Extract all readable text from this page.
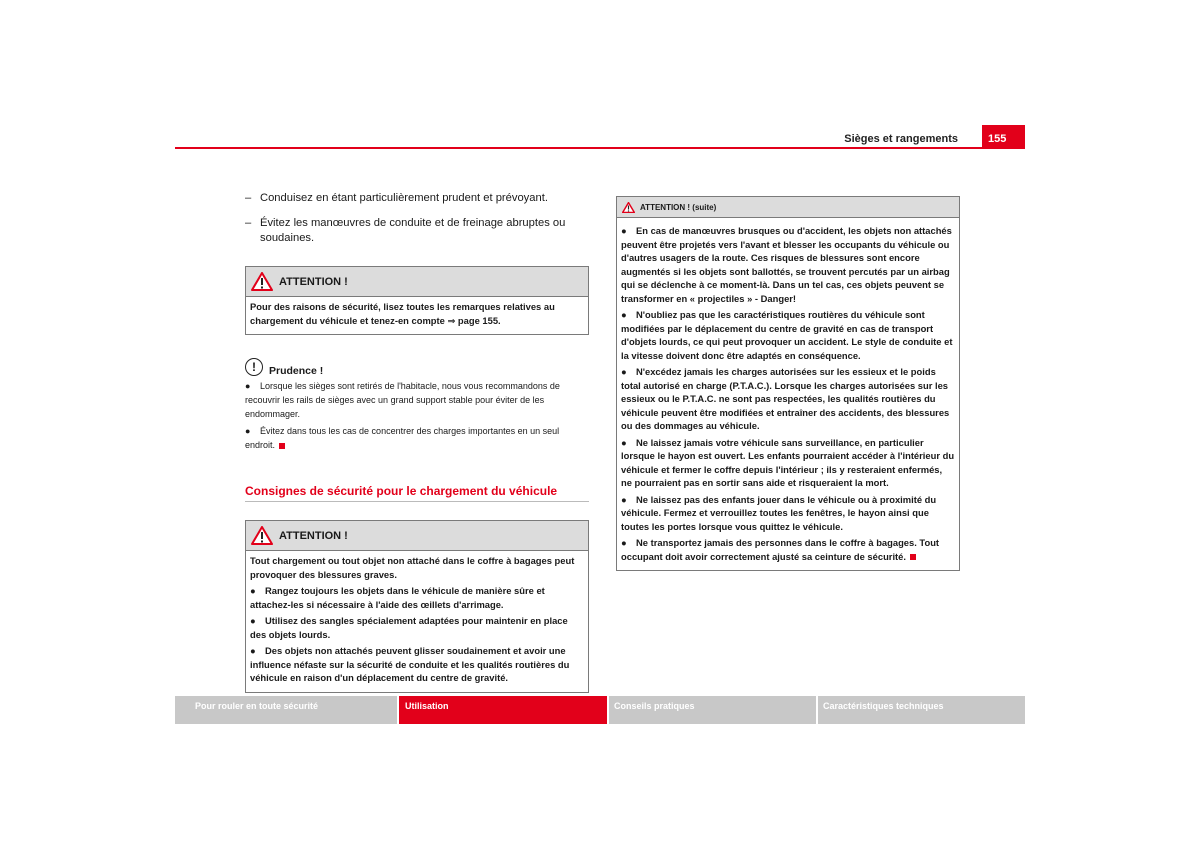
Sièges et rangements	155
– Conduisez en étant particulièrement prudent et prévoyant.
– Évitez les manœuvres de conduite et de freinage abruptes ou soudaines.
ATTENTION !

Pour des raisons de sécurité, lisez toutes les remarques relatives au chargement du véhicule et tenez-en compte ⇒ page 155.

!	Prudence !

● Lorsque les sièges sont retirés de l'habitacle, nous vous recommandons de recouvrir les rails de sièges avec un grand support stable pour éviter de les endommager.

● Évitez dans tous les cas de concentrer des charges importantes en un seul endroit.

Consignes de sécurité pour le chargement du véhicule
ATTENTION !

Tout chargement ou tout objet non attaché dans le coffre à bagages peut provoquer des blessures graves.

● Rangez toujours les objets dans le véhicule de manière sûre et attachez-les si nécessaire à l'aide des œillets d'arrimage.

● Utilisez des sangles spécialement adaptées pour maintenir en place des objets lourds.

● Des objets non attachés peuvent glisser soudainement et avoir une influence néfaste sur la sécurité de conduite et les qualités routières du véhicule en raison d'un déplacement du centre de gravité.

ATTENTION ! (suite)

● En cas de manœuvres brusques ou d'accident, les objets non attachés peuvent être projetés vers l'avant et blesser les occupants du véhicule ou d'autres usagers de la route. Ces risques de blessures sont encore augmentés si les objets sont ballottés, se trouvent percutés par un airbag qui se déclenche à ce moment-là. Dans un tel cas, ces objets peuvent se transformer en « projectiles » - Danger!

● N'oubliez pas que les caractéristiques routières du véhicule sont modifiées par le déplacement du centre de gravité en cas de transport d'objets lourds, ce qui peut provoquer un accident. Le style de conduite et la vitesse doivent donc être adaptés en conséquence.

● N'excédez jamais les charges autorisées sur les essieux et le poids total autorisé en charge (P.T.A.C.). Lorsque les charges autorisées sur les essieux ou le P.T.A.C. ne sont pas respectées, les qualités routières du véhicule peuvent être modifiées et entraîner des accidents, des blessures ou des dommages au véhicule.

● Ne laissez jamais votre véhicule sans surveillance, en particulier lorsque le hayon est ouvert. Les enfants pourraient accéder à l'intérieur du véhicule et fermer le coffre depuis l'intérieur ; ils y resteraient enfermés, ne pourraient pas en sortir sans aide et risqueraient la mort.

● Ne laissez pas des enfants jouer dans le véhicule ou à proximité du véhicule. Fermez et verrouillez toutes les fenêtres, le hayon ainsi que toutes les portes lorsque vous quittez le véhicule.

● Ne transportez jamais des personnes dans le coffre à bagages. Tout occupant doit avoir correctement ajusté sa ceinture de sécurité.

Pour rouler en toute sécurité	Utilisation	Conseils pratiques	Caractéristiques techniques
